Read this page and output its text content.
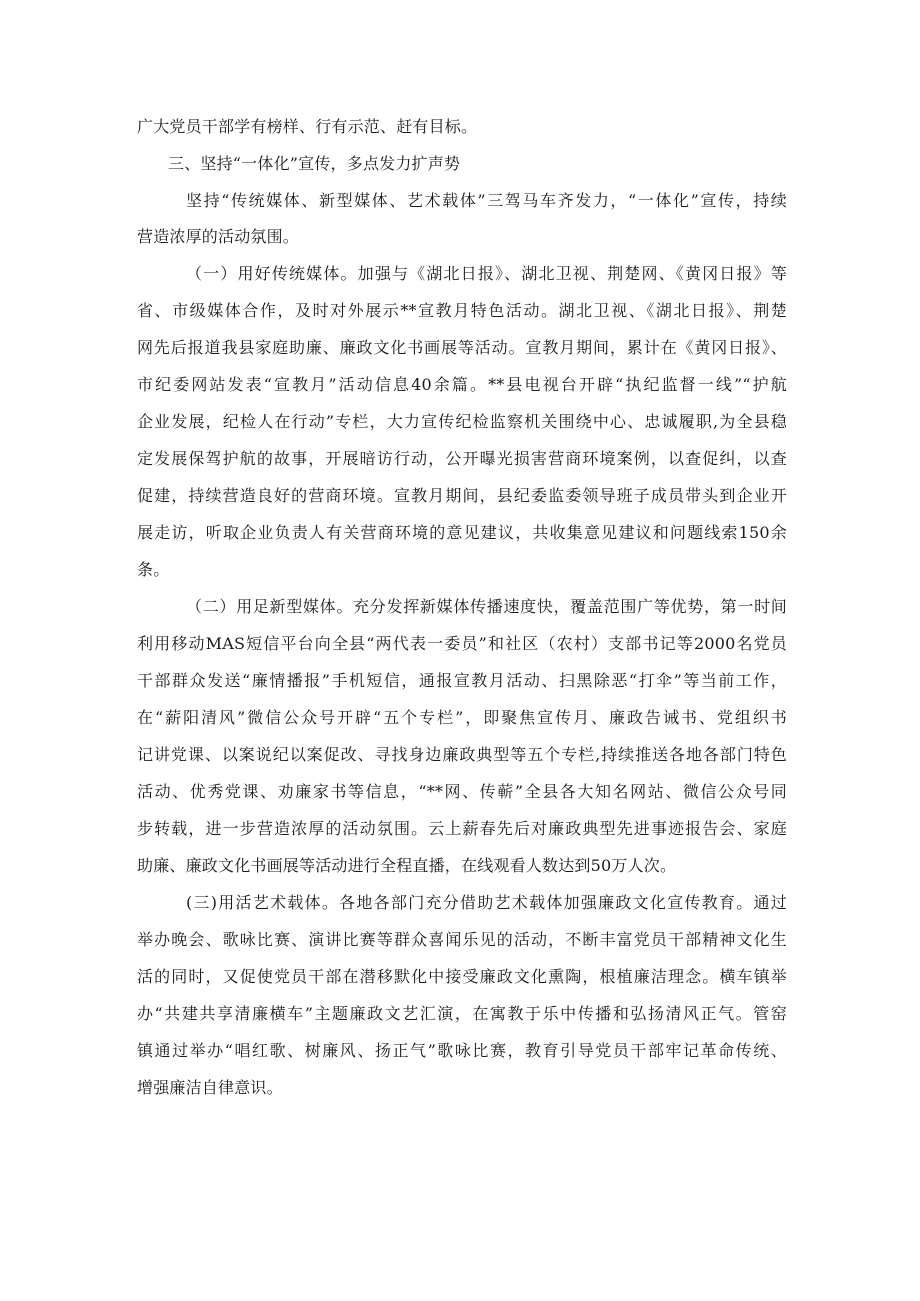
广大党员干部学有榜样、行有示范、赶有目标。

三、坚持“一体化”宣传，多点发力扩声势

坚持“传统媒体、新型媒体、艺术载体”三驾马车齐发力，“一体化”宣传，持续

营造浓厚的活动氛围。

（一）用好传统媒体。加强与《湖北日报》、湖北卫视、荆楚网、《黄冈日报》等

省、市级媒体合作，及时对外展示**宣教月特色活动。湖北卫视、《湖北日报》、荆楚

网先后报道我县家庭助廉、廉政文化书画展等活动。宣教月期间，累计在《黄冈日报》、

市纪委网站发表“宣教月”活动信息40余篇。**县电视台开辟“执纪监督一线”“护航

企业发展，纪检人在行动”专栏，大力宣传纪检监察机关围绕中心、忠诚履职,为全县稳

定发展保驾护航的故事，开展暗访行动，公开曝光损害营商环境案例，以查促纠，以查

促建，持续营造良好的营商环境。宣教月期间，县纪委监委领导班子成员带头到企业开

展走访，听取企业负责人有关营商环境的意见建议，共收集意见建议和问题线索150余

条。

（二）用足新型媒体。充分发挥新媒体传播速度快，覆盖范围广等优势，第一时间

利用移动MAS短信平台向全县“两代表一委员”和社区（农村）支部书记等2000名党员

干部群众发送“廉情播报”手机短信，通报宣教月活动、扫黑除恶“打伞”等当前工作，

在“薪阳清风”微信公众号开辟“五个专栏”，即聚焦宣传月、廉政告诫书、党组织书

记讲党课、以案说纪以案促改、寻找身边廉政典型等五个专栏,持续推送各地各部门特色

活动、优秀党课、劝廉家书等信息，“**网、传蕲”全县各大知名网站、微信公众号同

步转载，进一步营造浓厚的活动氛围。云上薪春先后对廉政典型先进事迹报告会、家庭

助廉、廉政文化书画展等活动进行全程直播，在线观看人数达到50万人次。

(三)用活艺术载体。各地各部门充分借助艺术载体加强廉政文化宣传教育。通过

举办晚会、歌咏比赛、演讲比赛等群众喜闻乐见的活动，不断丰富党员干部精神文化生

活的同时，又促使党员干部在潜移默化中接受廉政文化熏陶，根植廉洁理念。横车镇举

办“共建共享清廉横车”主题廉政文艺汇演，在寓教于乐中传播和弘扬清风正气。管窑

镇通过举办“唱红歌、树廉风、扬正气”歌咏比赛，教育引导党员干部牢记革命传统、

增强廉洁自律意识。
